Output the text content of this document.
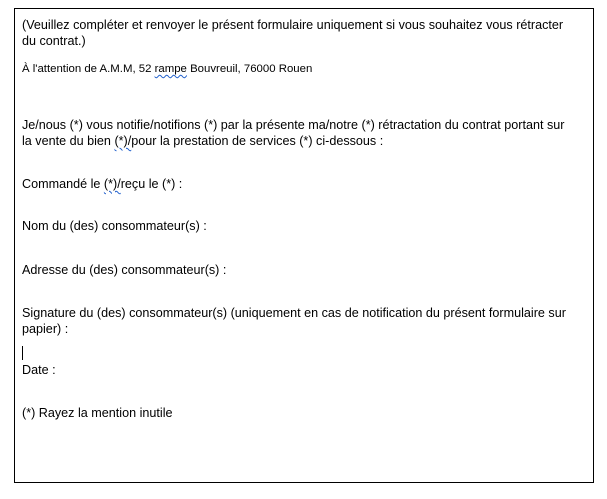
(Veuillez compléter et renvoyer le présent formulaire uniquement si vous souhaitez vous rétracter
du contrat.)
À l'attention de A.M.M, 52 rampe Bouvreuil, 76000 Rouen
Je/nous (*) vous notifie/notifions (*) par la présente ma/notre (*) rétractation du contrat portant sur
la vente du bien (*)/pour la prestation de services (*) ci-dessous :
Commandé le (*)/reçu le (*) :
Nom du (des) consommateur(s) :
Adresse du (des) consommateur(s) :
Signature du (des) consommateur(s) (uniquement en cas de notification du présent formulaire sur
papier) :
Date :
(*) Rayez la mention inutile
